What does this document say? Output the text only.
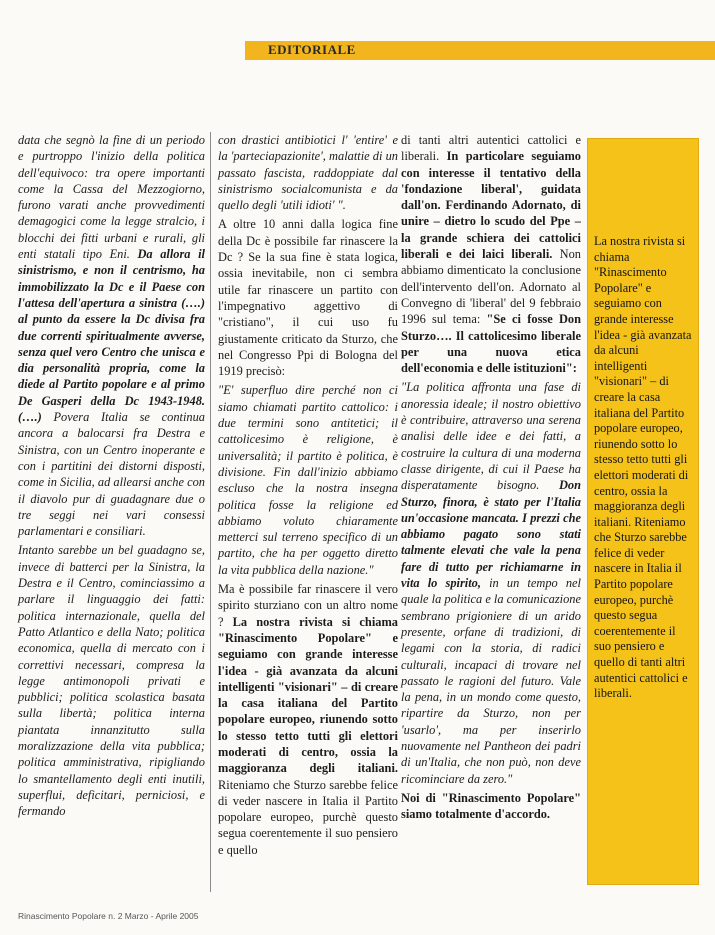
EDITORIALE

data che segnò la fine di un periodo e purtroppo l'inizio della politica dell'equivoco: tra opere importanti come la Cassa del Mezzogiorno, furono varati anche provvedimenti demagogici come la legge stralcio, i blocchi dei fitti urbani e rurali, gli enti statali tipo Eni. Da allora il sinistrismo, e non il centrismo, ha immobilizzato la Dc e il Paese con l'attesa dell'apertura a sinistra (….) al punto da essere la Dc divisa fra due correnti spiritualmente avverse, senza quel vero Centro che unisca e dia personalità propria, come la diede al Partito popolare e al primo De Gasperi della Dc 1943-1948. (….) Povera Italia se continua ancora a balocarsi fra Destra e Sinistra, con un Centro inoperante e con i partitini dei distorni disposti, come in Sicilia, ad allearsi anche con il diavolo pur di guadagnare due o tre seggi nei vari consessi parlamentari e consiliari.

Intanto sarebbe un bel guadagno se, invece di batterci per la Sinistra, la Destra e il Centro, cominciassimo a parlare il linguaggio dei fatti: politica internazionale, quella del Patto Atlantico e della Nato; politica economica, quella di mercato con i correttivi necessari, compresa la legge antimonopoli privati e pubblici; politica scolastica basata sulla libertà; politica interna piantata innanzitutto sulla moralizzazione della vita pubblica; politica amministrativa, ripigliando lo smantellamento degli enti inutili, superflui, deficitari, perniciosi, e fermando

con drastici antibiotici l' 'entire' e la 'parteciapazionite', malattie di un passato fascista, raddoppiate dal sinistrismo socialcomunista e da quello degli 'utili idioti' ".

A oltre 10 anni dalla logica fine della Dc è possibile far rinascere la Dc ? Se la sua fine è stata logica, ossia inevitabile, non ci sembra utile far rinascere un partito con l'impegnativo aggettivo di "cristiano", il cui uso fu giustamente criticato da Sturzo, che nel Congresso Ppi di Bologna del 1919 precisò:

"E' superfluo dire perché non ci siamo chiamati partito cattolico: i due termini sono antitetici; il cattolicesimo è religione, è universalità; il partito è politica, è divisione. Fin dall'inizio abbiamo escluso che la nostra insegna politica fosse la religione ed abbiamo voluto chiaramente metterci sul terreno specifico di un partito, che ha per oggetto diretto la vita pubblica della nazione."

Ma è possibile far rinascere il vero spirito sturziano con un altro nome ? La nostra rivista si chiama "Rinascimento Popolare" e seguiamo con grande interesse l'idea - già avanzata da alcuni intelligenti "visionari" – di creare la casa italiana del Partito popolare europeo, riunendo sotto lo stesso tetto tutti gli elettori moderati di centro, ossia la maggioranza degli italiani. Riteniamo che Sturzo sarebbe felice di veder nascere in Italia il Partito popolare europeo, purchè questo segua coerentemente il suo pensiero e quello

di tanti altri autentici cattolici e liberali. In particolare seguiamo con interesse il tentativo della 'fondazione liberal', guidata dall'on. Ferdinando Adornato, di unire – dietro lo scudo del Ppe – la grande schiera dei cattolici liberali e dei laici liberali. Non abbiamo dimenticato la conclusione dell'intervento dell'on. Adornato al Convegno di 'liberal' del 9 febbraio 1996 sul tema: "Se ci fosse Don Sturzo…. Il cattolicesimo liberale per una nuova etica dell'economia e delle istituzioni":

"La politica affronta una fase di anoressia ideale; il nostro obiettivo è contribuire, attraverso una serena analisi delle idee e dei fatti, a costruire la cultura di una moderna classe dirigente, di cui il Paese ha disperatamente bisogno. Don Sturzo, finora, è stato per l'Italia un'occasione mancata. I prezzi che abbiamo pagato sono stati talmente elevati che vale la pena fare di tutto per richiamarne in vita lo spirito, in un tempo nel quale la politica e la comunicazione sembrano prigioniere di un arido presente, orfane di tradizioni, di legami con la storia, di radici culturali, incapaci di trovare nel passato le ragioni del futuro. Vale la pena, in un mondo come questo, ripartire da Sturzo, non per 'usarlo', ma per inserirlo nuovamente nel Pantheon dei padri di un'Italia, che non può, non deve ricominciare da zero."

Noi di "Rinascimento Popolare" siamo totalmente d'accordo.

La nostra rivista si chiama "Rinascimento Popolare" e seguiamo con grande interesse l'idea - già avanzata da alcuni intelligenti "visionari" – di creare la casa italiana del Partito popolare europeo, riunendo sotto lo stesso tetto tutti gli elettori moderati di centro, ossia la maggioranza degli italiani. Riteniamo che Sturzo sarebbe felice di veder nascere in Italia il Partito popolare europeo, purchè questo segua coerentemente il suo pensiero e quello di tanti altri autentici cattolici e liberali.
Rinascimento Popolare n. 2 Marzo - Aprile 2005
